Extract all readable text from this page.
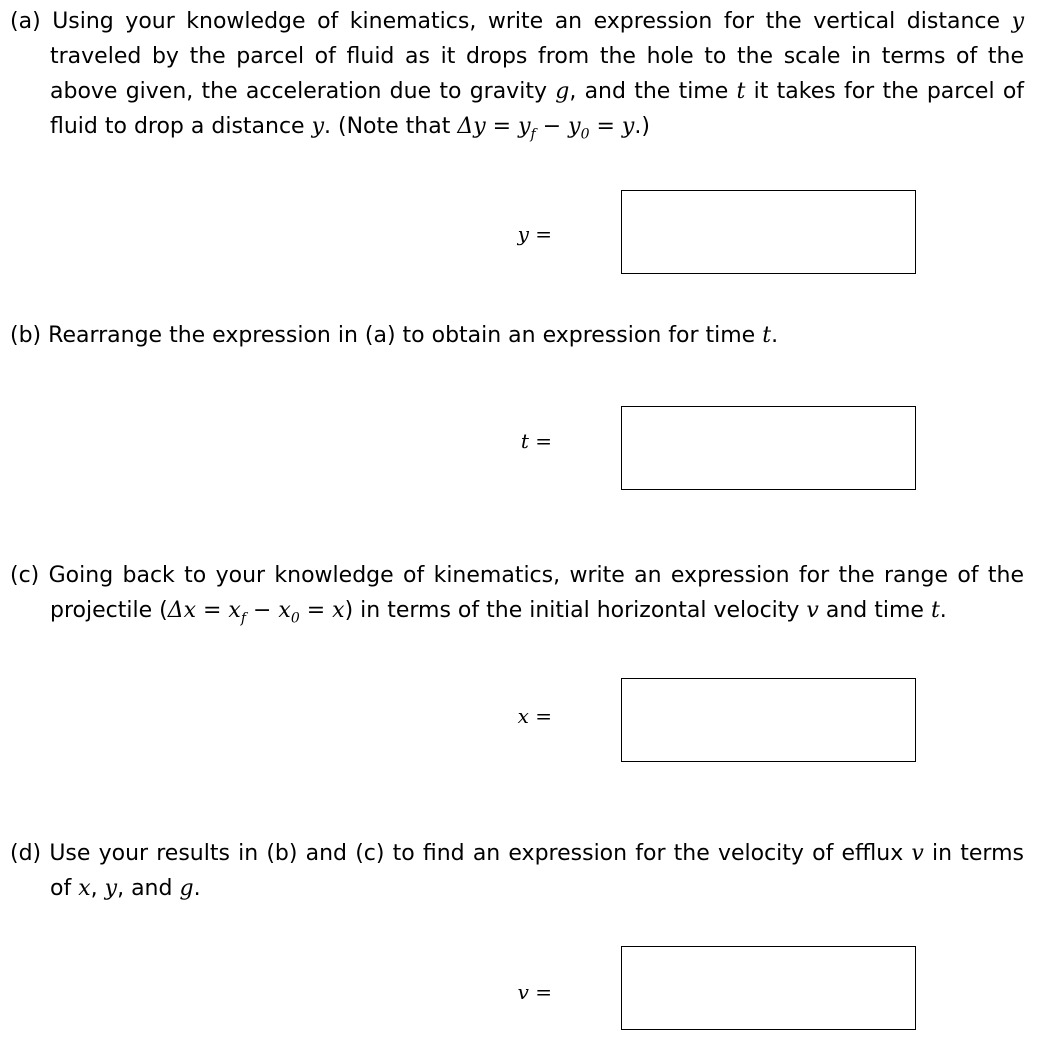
(a) Using your knowledge of kinematics, write an expression for the vertical distance y traveled by the parcel of fluid as it drops from the hole to the scale in terms of the above given, the acceleration due to gravity g, and the time t it takes for the parcel of fluid to drop a distance y. (Note that $\Delta y = y_f - y_0 = y$.)
y =
(b) Rearrange the expression in (a) to obtain an expression for time t.
t =
(c) Going back to your knowledge of kinematics, write an expression for the range of the projectile $(\Delta x = x_f - x_0 = x)$ in terms of the initial horizontal velocity v and time t.
x =
(d) Use your results in (b) and (c) to find an expression for the velocity of efflux v in terms of x, y, and g.
v =
